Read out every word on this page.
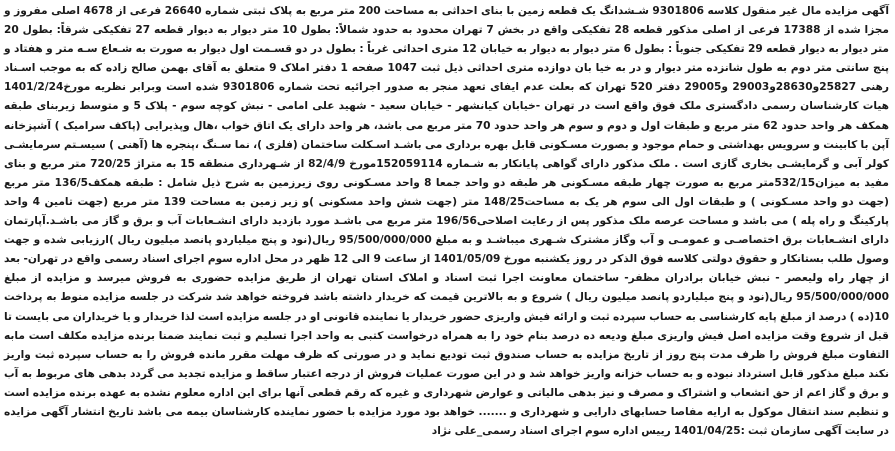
آگهی مزایده مال غیر منقول کلاسه 9301806 شـشدانگ یک قطعه زمین با بنای احداثی به مساحت 200 متر مربع به پلاک ثبتی شماره 26640 فرعی از 4678 اصلی مفروز و مجزا شده از 17388 فرعی از اصلی مذکور قطعه 28 تفکیکی واقع در بخش 7 تهران محدود به حدود شمالاً: بطول 10 متر دیوار به دیوار قطعه 27 تفکیکی شرقاً: بطول 20 متر دیوار به دیوار قطعه 29 تفکیکی جنوباً : بطول 6 متر دیوار به دیوار به خیابان 12 متری احداثی غرباً : بطول در دو قسـمت اول دیوار به صورت به شـعاع سـه متر و هفتاد و پنج سانتی متر دوم به طول شانزده متر دیوار و در به خیا بان دوازده متری احداثی ذیل ثبت 1047 صفحه 1 دفتر املاک 9 متعلق به آقای بهمن صالح زاده که به موجب اسـناد رهنی 25827و28630و29003 و29005 دفتر 520 تهران که بعلت عدم ایفای تعهد منجر به صدور اجرائیه تحت شماره 9301806 شده است وبرابر نظریه مورخ1401/2/24 هیات کارشناسان رسمی دادگستری ملک فوق واقع است در تهران -خیابان کیانشهر - خیابان سعید - شهید علی امامی - نبش کوچه سوم - پلاک 5 و متوسط زیربنای طبقه همکف هر واحد حدود 62 متر مربع و طبقات اول و دوم و سوم هر واحد حدود 70 متر مربع می باشد، هر واحد دارای یک اتاق خواب ،هال وپذیرایی (پاکف سرامیک ) آشپزخانه آپن با کابینت و سرویس بهداشتی و حمام موجود و بصورت مسـکونی قابل بهره برداری می باشـد اسـکلت ساختمان (فلزی )، نما سـنگ ،پنجره ها (آهنی ) سیسـتم سرمایشـی کولر آبی و گرمایشـی بخاری گازی است . ملک مذکور دارای گواهی پایانکار به شـماره 152059114مورخ 82/4/9 از شـهرداری منطقه 15 به متراژ 720/25 متر مربع و بنای مفید به میزان532/15متر مربع به صورت چهار طبقه مسـکونی هر طبقه دو واحد جمعا 8 واحد مسـکونی روی زیرزمین به شرح ذیل شامل : طبقه همکف136/5 متر مربع (جهت دو واحد مسـکونی ) و طبقات اول الی سوم هر یک به مساحت148/25 متر (جهت شش واحد مسکونی )و زیر زمین به مساحت 139 متر مربع (جهت تامین 4 واحد پارکینگ و راه پله ) می باشد و مساحت عرصه ملک مذکور پس از رعایت اصلاحی196/56 متر مربع می باشـد مورد بازدید دارای انشـعابات آب و برق و گاز می باشـد.آپارتمان دارای انشـعابات برق اختصاصـی و عمومـی و آب وگاز مشترک شـهری میباشـد و به مبلغ 95/500/000/000 ریال(نود و پنج میلیاردو پانصد میلیون ریال )ارزیابی شده و جهت وصول طلب بستانکار و حقوق دولتی کلاسه فوق الذکر در روز یکشنبه مورخ 1401/05/09 از ساعت 9 الی 12 ظهر در محل اداره سوم اجرای اسناد رسمی واقع در تهران- بعد از چهار راه ولیعصر - نبش خیابان برادران مظفر- ساختمان معاونت اجرا ثبت اسناد و املاک استان تهران از طریق مزایده حضوری به فروش میرسد و مزایده از مبلغ 95/500/000/000 ریال(نود و پنج میلیاردو پانصد میلیون ریال ) شروع و به بالاترین قیمت که خریدار داشته باشد فروخته خواهد شد شرکت در جلسه مزایده منوط به پرداخت 10(ده ) درصد از مبلغ پایه کارشناسی به حساب سپرده ثبت و ارائه فیش واریزی حضور خریدار یا نماینده قانونی او در جلسه مزایده است لذا خریدار و یا خریداران می بایست تا قبل از شروع وقت مزایده اصل فیش واریزی مبلغ ودیعه ده درصد بنام خود را به همراه درخواست کتبی به واحد اجرا تسلیم و ثبت نمایند ضمنا برنده مزایده مکلف است مابه التفاوت مبلغ فروش را ظرف مدت پنج روز از تاریخ مزایده به حساب صندوق ثبت تودیع نماید و در صورتی که ظرف مهلت مقرر مانده فروش را به حساب سپرده ثبت واریز نکند مبلغ مذکور قابل استرداد نبوده و به حساب خزانه واریز خواهد شد و در این صورت عملیات فروش از درجه اعتبار ساقط و مزایده تجدید می گردد بدهی های مربوط به آب و برق و گاز اعم از حق انشعاب و اشتراک و مصرف و نیز بدهی مالیاتی و عوارض شهرداری و غیره که رقم قطعی آنها برای این اداره معلوم نشده به عهده برنده مزایده است و تنظیم سند انتقال موکول به ارایه مفاصا حسابهای دارایی و شهرداری و ....... خواهد بود مورد مزایده با حضور نماینده کارشناسان بیمه می باشد تاریخ انتشار آگهی مزایده در سایت آگهی سازمان ثبت :1401/04/25 رییس اداره سوم اجرای اسناد رسمی_علی نژاد
